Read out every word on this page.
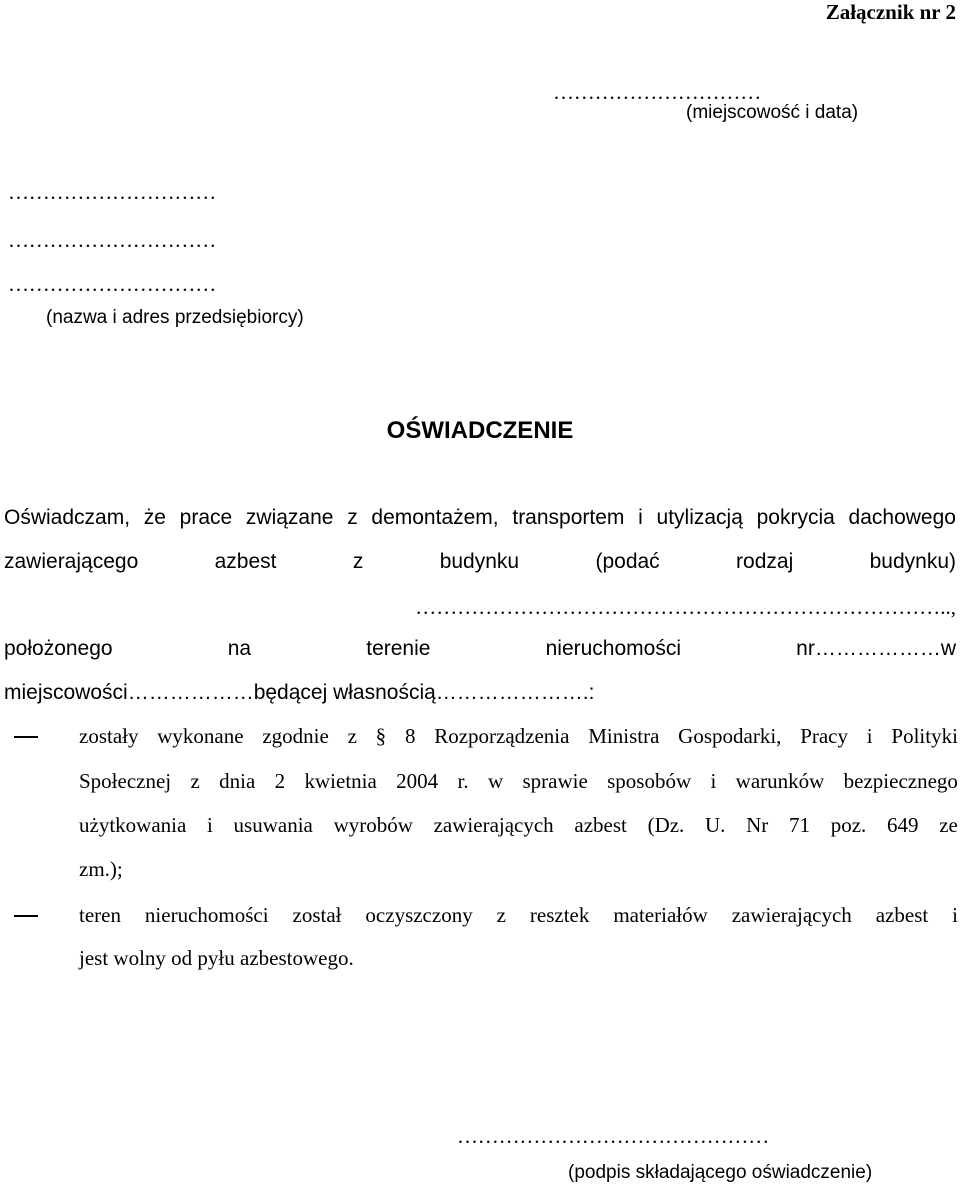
Załącznik nr 2
…………………………
(miejscowość i data)
…………………………
…………………………
…………………………
(nazwa i adres przedsiębiorcy)
OŚWIADCZENIE
Oświadczam, że prace związane z demontażem, transportem i utylizacją pokrycia dachowego
zawierającego	azbest	z	budynku	(podać	rodzaj	budynku)
…………………………………………………………………..,
położonego	na	terenie	nieruchomości	nr………………w
miejscowości………………będącej własnością………………….:
zostały wykonane zgodnie z § 8 Rozporządzenia Ministra Gospodarki, Pracy i Polityki
Społecznej z dnia 2 kwietnia 2004 r. w sprawie sposobów i warunków bezpiecznego
użytkowania i usuwania wyrobów zawierających azbest (Dz. U. Nr 71 poz. 649 ze
zm.);
teren nieruchomości został oczyszczony z resztek materiałów zawierających azbest i
jest wolny od pyłu azbestowego.
………………………………………
(podpis składającego oświadczenie)
